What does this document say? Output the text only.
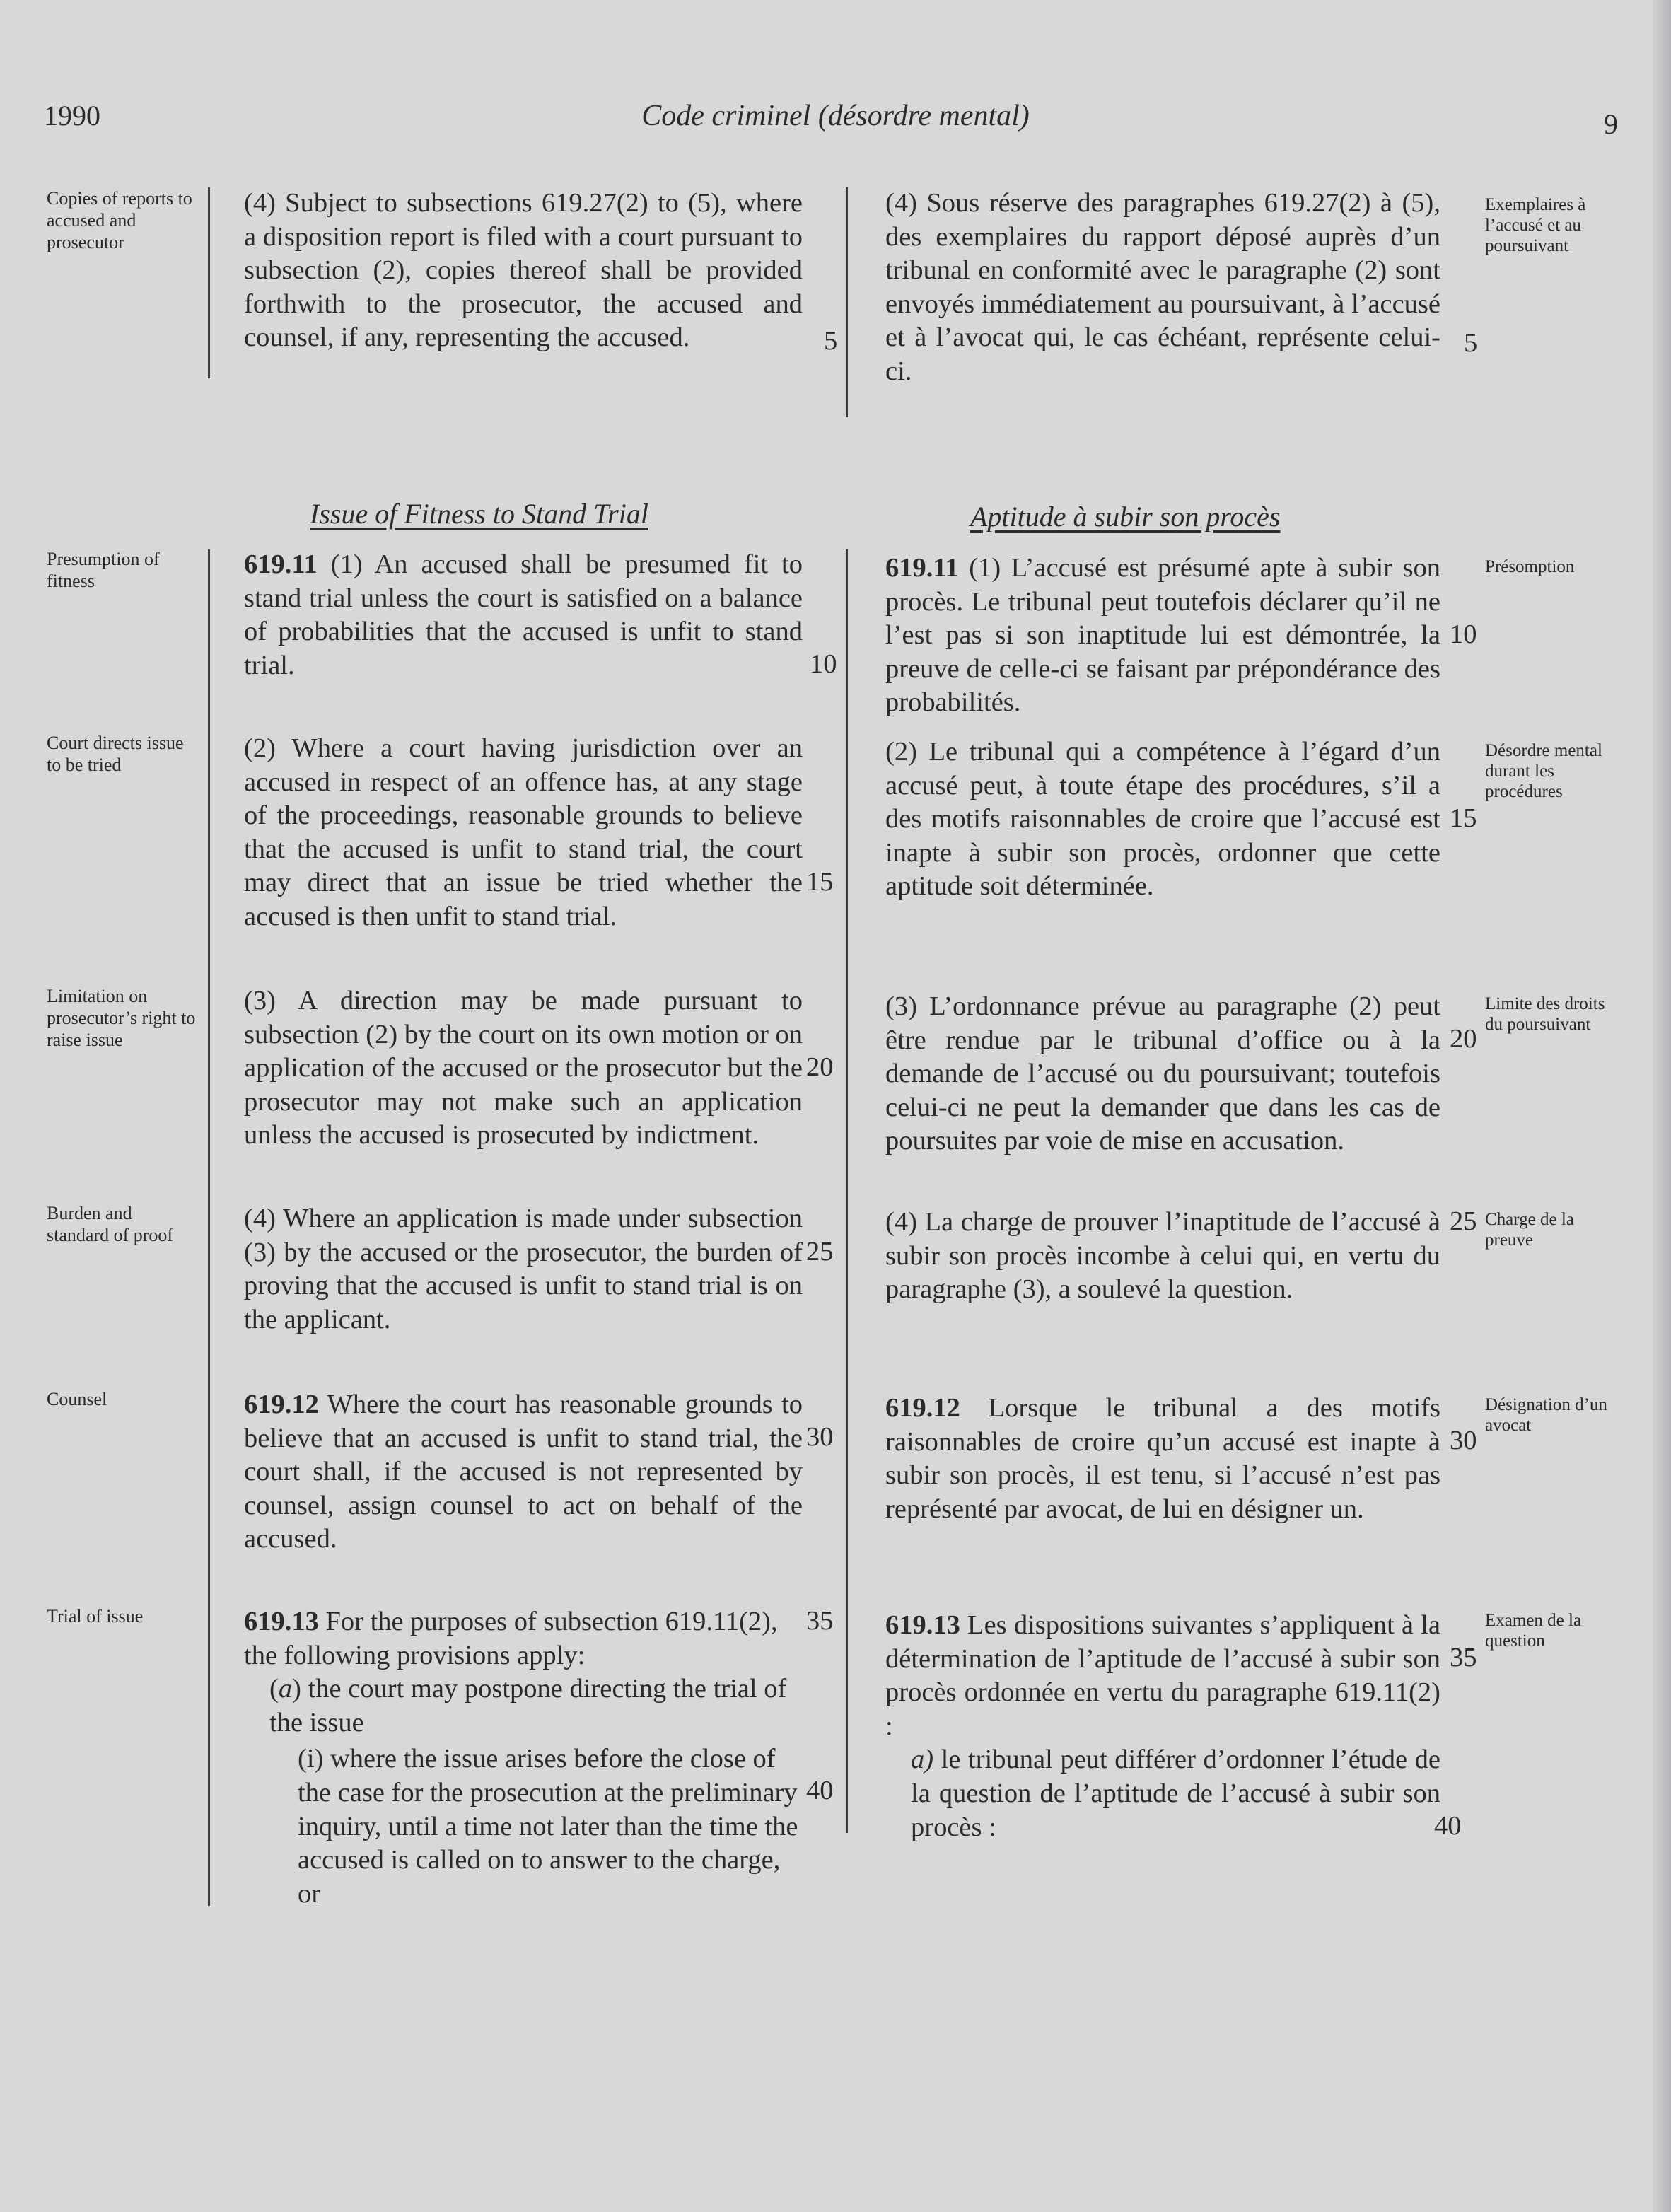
1990	Code criminel (désordre mental)	9
Copies of reports to accused and prosecutor
Presumption of fitness
Court directs issue to be tried
Limitation on prosecutor’s right to raise issue
Burden and standard of proof
Counsel
Trial of issue
Exemplaires à l’accusé et au poursuivant
Présomption
Désordre mental durant les procédures
Limite des droits du poursuivant
Charge de la preuve
Désignation d’un avocat
Examen de la question
Issue of Fitness to Stand Trial	Aptitude à subir son procès

(4) Subject to subsections 619.27(2) to (5), where a disposition report is filed with a court pursuant to subsection (2), copies thereof shall be provided forthwith to the prosecutor, the accused and counsel, if any, representing the accused.

619.11 (1) An accused shall be presumed fit to stand trial unless the court is satisfied on a balance of probabilities that the accused is unfit to stand trial.

(2) Where a court having jurisdiction over an accused in respect of an offence has, at any stage of the proceedings, reasonable grounds to believe that the accused is unfit to stand trial, the court may direct that an issue be tried whether the accused is then unfit to stand trial.

(3) A direction may be made pursuant to subsection (2) by the court on its own motion or on application of the accused or the prosecutor but the prosecutor may not make such an application unless the accused is prosecuted by indictment.

(4) Where an application is made under subsection (3) by the accused or the prosecutor, the burden of proving that the accused is unfit to stand trial is on the applicant.

619.12 Where the court has reasonable grounds to believe that an accused is unfit to stand trial, the court shall, if the accused is not represented by counsel, assign counsel to act on behalf of the accused.

619.13 For the purposes of subsection 619.11(2), the following provisions apply:

(a) the court may postpone directing the trial of the issue

(i) where the issue arises before the close of the case for the prosecution at the preliminary inquiry, until a time not later than the time the accused is called on to answer to the charge, or

(4) Sous réserve des paragraphes 619.27(2) à (5), des exemplaires du rapport déposé auprès d’un tribunal en conformité avec le paragraphe (2) sont envoyés immédiatement au poursuivant, à l’accusé et à l’avocat qui, le cas échéant, représente celui-ci.

619.11 (1) L’accusé est présumé apte à subir son procès. Le tribunal peut toutefois déclarer qu’il ne l’est pas si son inaptitude lui est démontrée, la preuve de celle-ci se faisant par prépondérance des probabilités.

(2) Le tribunal qui a compétence à l’égard d’un accusé peut, à toute étape des procédures, s’il a des motifs raisonnables de croire que l’accusé est inapte à subir son procès, ordonner que cette aptitude soit déterminée.

(3) L’ordonnance prévue au paragraphe (2) peut être rendue par le tribunal d’office ou à la demande de l’accusé ou du poursuivant; toutefois celui-ci ne peut la demander que dans les cas de poursuites par voie de mise en accusation.

(4) La charge de prouver l’inaptitude de l’accusé à subir son procès incombe à celui qui, en vertu du paragraphe (3), a soulevé la question.

619.12 Lorsque le tribunal a des motifs raisonnables de croire qu’un accusé est inapte à subir son procès, il est tenu, si l’accusé n’est pas représenté par avocat, de lui en désigner un.

619.13 Les dispositions suivantes s’appliquent à la détermination de l’aptitude de l’accusé à subir son procès ordonnée en vertu du paragraphe 619.11(2) :

a) le tribunal peut différer d’ordonner l’étude de la question de l’aptitude de l’accusé à subir son procès :

5
10
15
20
25
30
35
40
5
10
15
20
25
30
35
40
